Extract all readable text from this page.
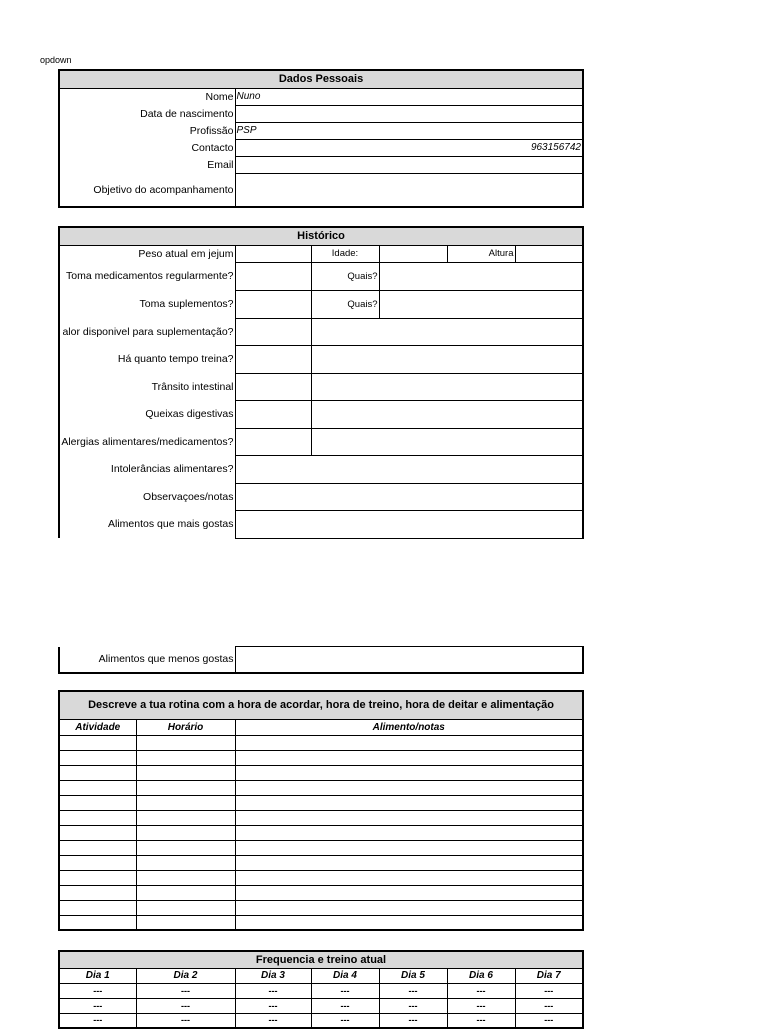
opdown
Dados Pessoais	
Nome	Nuno
Data de nascimento	
Profissão	PSP
Contacto	963156742
Email	
Objetivo do acompanhamento	
Histórico					
Peso atual em jejum		Idade:		Altura	
Toma medicamentos regularmente?		Quais?			
Toma suplementos?		Quais?			
alor disponivel para suplementação?					
Há quanto tempo treina?					
Trânsito intestinal					
Queixas digestivas					
Alergias alimentares/medicamentos?					
Intolerâncias alimentares?					
Observaçoes/notas					
Alimentos que mais gostas					
Alimentos que menos gostas	
Descreve a tua rotina com a hora de acordar, hora de treino, hora de deitar e alimentação		
Atividade	Horário	Alimento/notas

Frequencia e treino atual						
Dia 1	Dia 2	Dia 3	Dia 4	Dia 5	Dia 6	Dia 7
---	---	---	---	---	---	---
---	---	---	---	---	---	---
---	---	---	---	---	---	---
